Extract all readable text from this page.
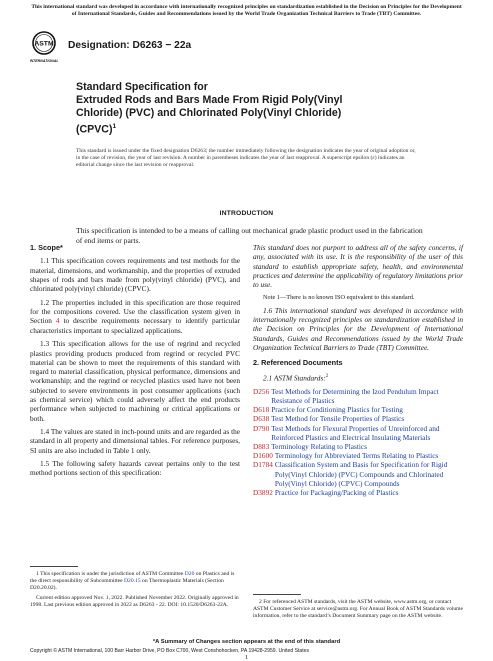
This international standard was developed in accordance with internationally recognized principles on standardization established in the Decision on Principles for the Development of International Standards, Guides and Recommendations issued by the World Trade Organization Technical Barriers to Trade (TBT) Committee.
ASTM
INTERNATIONAL
Designation: D6263 − 22a
Standard Specification for
Extruded Rods and Bars Made From Rigid Poly(Vinyl
Chloride) (PVC) and Chlorinated Poly(Vinyl Chloride)
(CPVC)$^1$
This standard is issued under the fixed designation D6263; the number immediately following the designation indicates the year of original adoption or, in the case of revision, the year of last revision. A number in parentheses indicates the year of last reapproval. A superscript epsilon (ε) indicates an editorial change since the last revision or reapproval.
INTRODUCTION
This specification is intended to be a means of calling out mechanical grade plastic product used in the fabrication of end items or parts.

1. Scope*

1.1 This specification covers requirements and test methods for the material, dimensions, and workmanship, and the properties of extruded shapes of rods and bars made from poly(vinyl chloride) (PVC), and chlorinated poly(vinyl chloride) (CPVC).

1.2 The properties included in this specification are those required for the compositions covered. Use the classification system given in Section 4 to describe requirements necessary to identify particular characteristics important to specialized applications.

1.3 This specification allows for the use of regrind and recycled plastics providing products produced from regrind or recycled PVC material can be shown to meet the requirements of this standard with regard to material classification, physical performance, dimensions and workmanship; and the regrind or recycled plastics used have not been subjected to severe environments in post consumer applications (such as chemical service) which could adversely affect the end products performance when subjected to machining or critical applications or both.

1.4 The values are stated in inch-pound units and are regarded as the standard in all property and dimensional tables. For reference purposes, SI units are also included in Table 1 only.

1.5 The following safety hazards caveat pertains only to the test method portions section of this specification:

This standard does not purport to address all of the safety concerns, if any, associated with its use. It is the responsibility of the user of this standard to establish appropriate safety, health, and environmental practices and determine the applicability of regulatory limitations prior to use.

Note 1—There is no known ISO equivalent to this standard.

1.6 This international standard was developed in accordance with internationally recognized principles on standardization established in the Decision on Principles for the Development of International Standards, Guides and Recommendations issued by the World Trade Organization Technical Barriers to Trade (TBT) Committee.

2. Referenced Documents

2.1 ASTM Standards:$^2$

D256 Test Methods for Determining the Izod Pendulum Impact Resistance of Plastics
D618 Practice for Conditioning Plastics for Testing
D638 Test Method for Tensile Properties of Plastics
D790 Test Methods for Flexural Properties of Unreinforced and Reinforced Plastics and Electrical Insulating Materials
D883 Terminology Relating to Plastics
D1600 Terminology for Abbreviated Terms Relating to Plastics
D1784 Classification System and Basis for Specification for Rigid Poly(Vinyl Chloride) (PVC) Compounds and Chlorinated Poly(Vinyl Chloride) (CPVC) Compounds
D3892 Practice for Packaging/Packing of Plastics

1 This specification is under the jurisdiction of ASTM Committee D20 on Plastics and is the direct responsibility of Subcommittee D20.15 on Thermoplastic Materials (Section D20.20.02).

Current edition approved Nov. 1, 2022. Published November 2022. Originally approved in 1998. Last previous edition approved in 2022 as D6263 - 22. DOI: 10.1520/D6263-22A.	2 For referenced ASTM standards, visit the ASTM website, www.astm.org, or contact ASTM Customer Service at service@astm.org. For Annual Book of ASTM Standards volume information, refer to the standard’s Document Summary page on the ASTM website.

*A Summary of Changes section appears at the end of this standard
Copyright © ASTM International, 100 Barr Harbor Drive, PO Box C700, West Conshohocken, PA 19428-2959. United States
1
